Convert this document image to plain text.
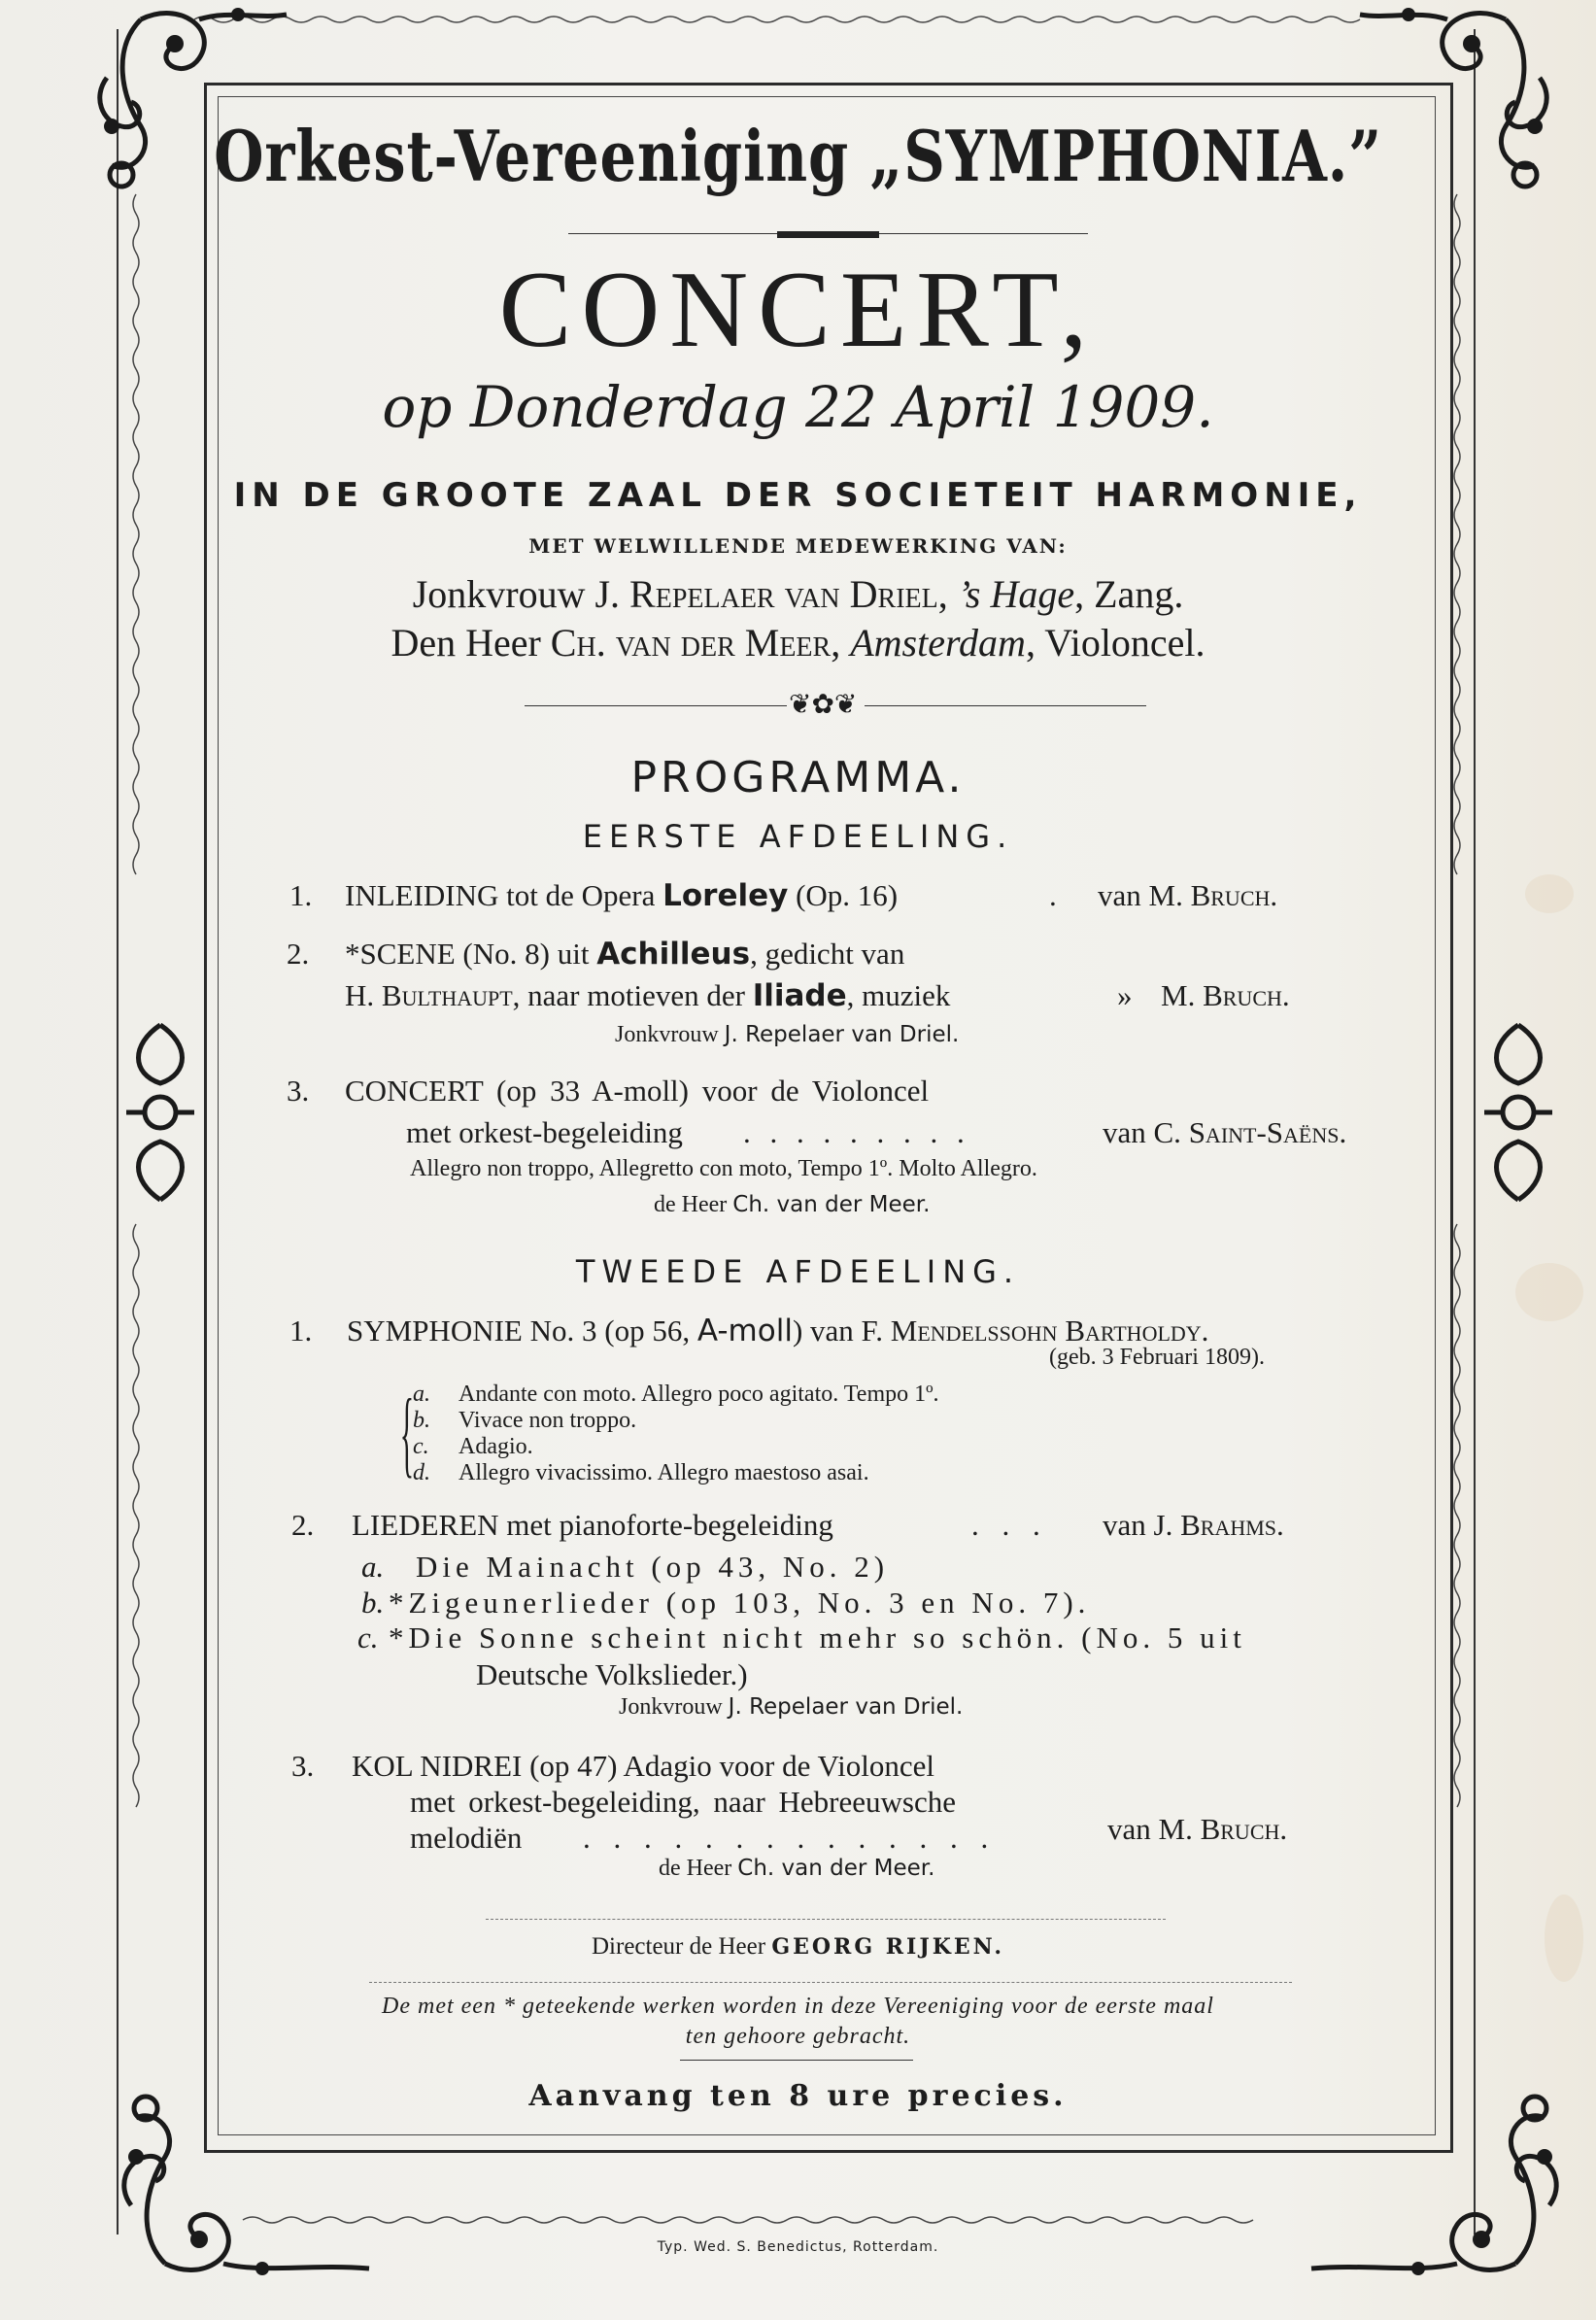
Orkest-Vereeniging „SYMPHONIA.”
CONCERT,
op Donderdag 22 April 1909.
IN DE GROOTE ZAAL DER SOCIETEIT HARMONIE,
MET WELWILLENDE MEDEWERKING VAN:
Jonkvrouw J. Repelaer van Driel, ’s Hage, Zang.
Den Heer Ch. van der Meer, Amsterdam, Violoncel.
❦✿❦
PROGRAMMA.
EERSTE AFDEELING.
1. INLEIDING tot de Opera Loreley (Op. 16)	. van M. Bruch.
2. *SCENE (No. 8) uit Achilleus, gedicht van
H. Bulthaupt, naar motieven der Iliade, muziek	» M. Bruch.
Jonkvrouw J. Repelaer van Driel.
3. CONCERT (op 33 A-moll) voor de Violoncel
met orkest-begeleiding . . . . . . . . .	van C. Saint-Saëns.
Allegro non troppo, Allegretto con moto, Tempo 1º. Molto Allegro.
de Heer Ch. van der Meer.
TWEEDE AFDEELING.
1. SYMPHONIE No. 3 (op 56, A-moll) van F. Mendelssohn Bartholdy.
(geb. 3 Februari 1809).
{
a. Andante con moto. Allegro poco agitato. Tempo 1º.
b. Vivace non troppo.
c. Adagio.
d. Allegro vivacissimo. Allegro maestoso asai.
2. LIEDEREN met pianoforte-begeleiding	. . . van J. Brahms.
a. Die Mainacht (op 43, No. 2)
b. *Zigeunerlieder (op 103, No. 3 en No. 7).
c. *Die Sonne scheint nicht mehr so schön. (No. 5 uit
Deutsche Volkslieder.)
Jonkvrouw J. Repelaer van Driel.
3. KOL NIDREI (op 47) Adagio voor de Violoncel
met orkest-begeleiding, naar Hebreeuwsche
melodiën . . . . . . . . . . . . . .	van M. Bruch.
de Heer Ch. van der Meer.
Directeur de Heer GEORG RIJKEN.
De met een * geteekende werken worden in deze Vereeniging voor de eerste maal
ten gehoore gebracht.
Aanvang ten 8 ure precies.
Typ. Wed. S. Benedictus, Rotterdam.
